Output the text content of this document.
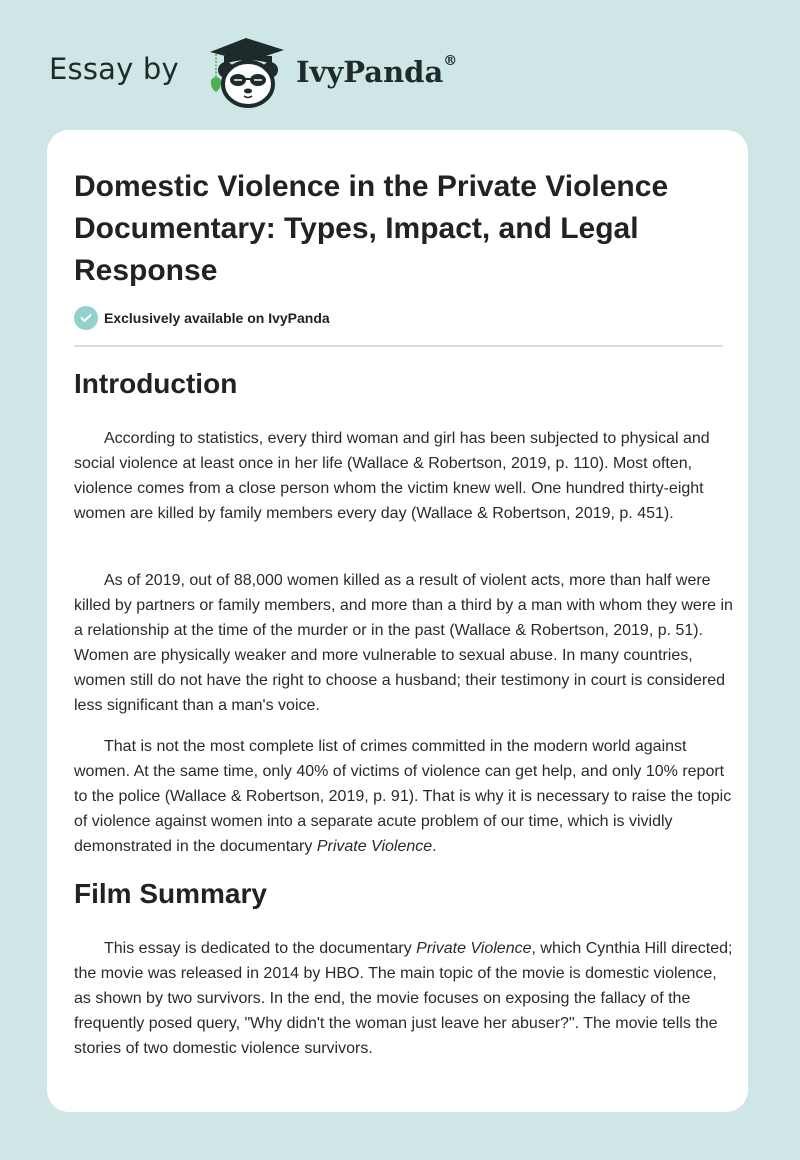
Essay by	IvyPanda®
Domestic Violence in the Private Violence Documentary: Types, Impact, and Legal Response
Exclusively available on IvyPanda
Introduction

According to statistics, every third woman and girl has been subjected to physical and social violence at least once in her life (Wallace & Robertson, 2019, p. 110). Most often, violence comes from a close person whom the victim knew well. One hundred thirty-eight women are killed by family members every day (Wallace & Robertson, 2019, p. 451).

As of 2019, out of 88,000 women killed as a result of violent acts, more than half were killed by partners or family members, and more than a third by a man with whom they were in a relationship at the time of the murder or in the past (Wallace & Robertson, 2019, p. 51). Women are physically weaker and more vulnerable to sexual abuse. In many countries, women still do not have the right to choose a husband; their testimony in court is considered less significant than a man's voice.

That is not the most complete list of crimes committed in the modern world against women. At the same time, only 40% of victims of violence can get help, and only 10% report to the police (Wallace & Robertson, 2019, p. 91). That is why it is necessary to raise the topic of violence against women into a separate acute problem of our time, which is vividly demonstrated in the documentary Private Violence.

Film Summary

This essay is dedicated to the documentary Private Violence, which Cynthia Hill directed; the movie was released in 2014 by HBO. The main topic of the movie is domestic violence, as shown by two survivors. In the end, the movie focuses on exposing the fallacy of the frequently posed query, "Why didn't the woman just leave her abuser?". The movie tells the stories of two domestic violence survivors.
